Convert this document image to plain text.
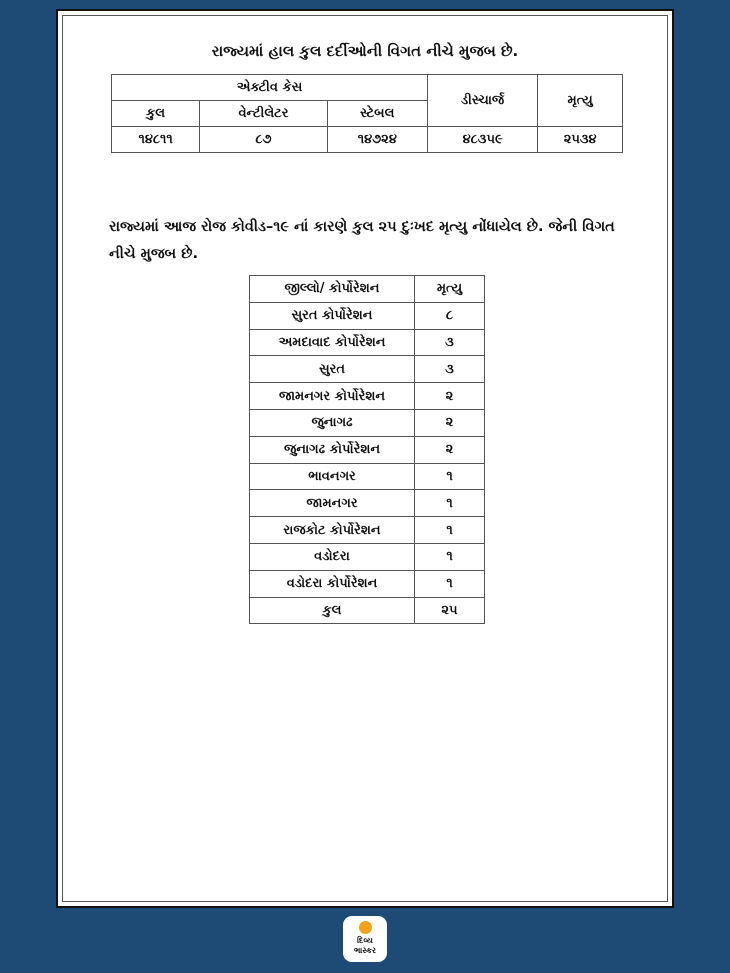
રાજ્યમાં હાલ કુલ દર્દીઓની વિગત નીચે મુજબ છે.
એક્ટીવ કેસ			ડીસ્ચાર્જ	મૃત્યુ
કુલ	વેન્ટીલેટર	સ્ટેબલ		
૧૪૮૧૧	૮૭	૧૪૭૨૪	૪૮૩૫૯	૨૫૩૪
રાજ્યમાં આજ રોજ કોવીડ–૧૯ નાં કારણે કુલ ૨૫ દુઃખદ મૃત્યુ નોંધાયેલ છે. જેની વિગત નીચે મુજબ છે.
જીલ્લો/ કોર્પોરેશન	મૃત્યુ
સુરત કોર્પોરેશન	૮
અમદાવાદ કોર્પોરેશન	૩
સુરત	૩
જામનગર કોર્પોરેશન	૨
જુનાગઢ	૨
જુનાગઢ કોર્પોરેશન	૨
ભાવનગર	૧
જામનગર	૧
રાજકોટ કોર્પોરેશન	૧
વડોદરા	૧
વડોદરા કોર્પોરેશન	૧
કુલ	૨૫
દિવ્ય
ભાસ્કર
